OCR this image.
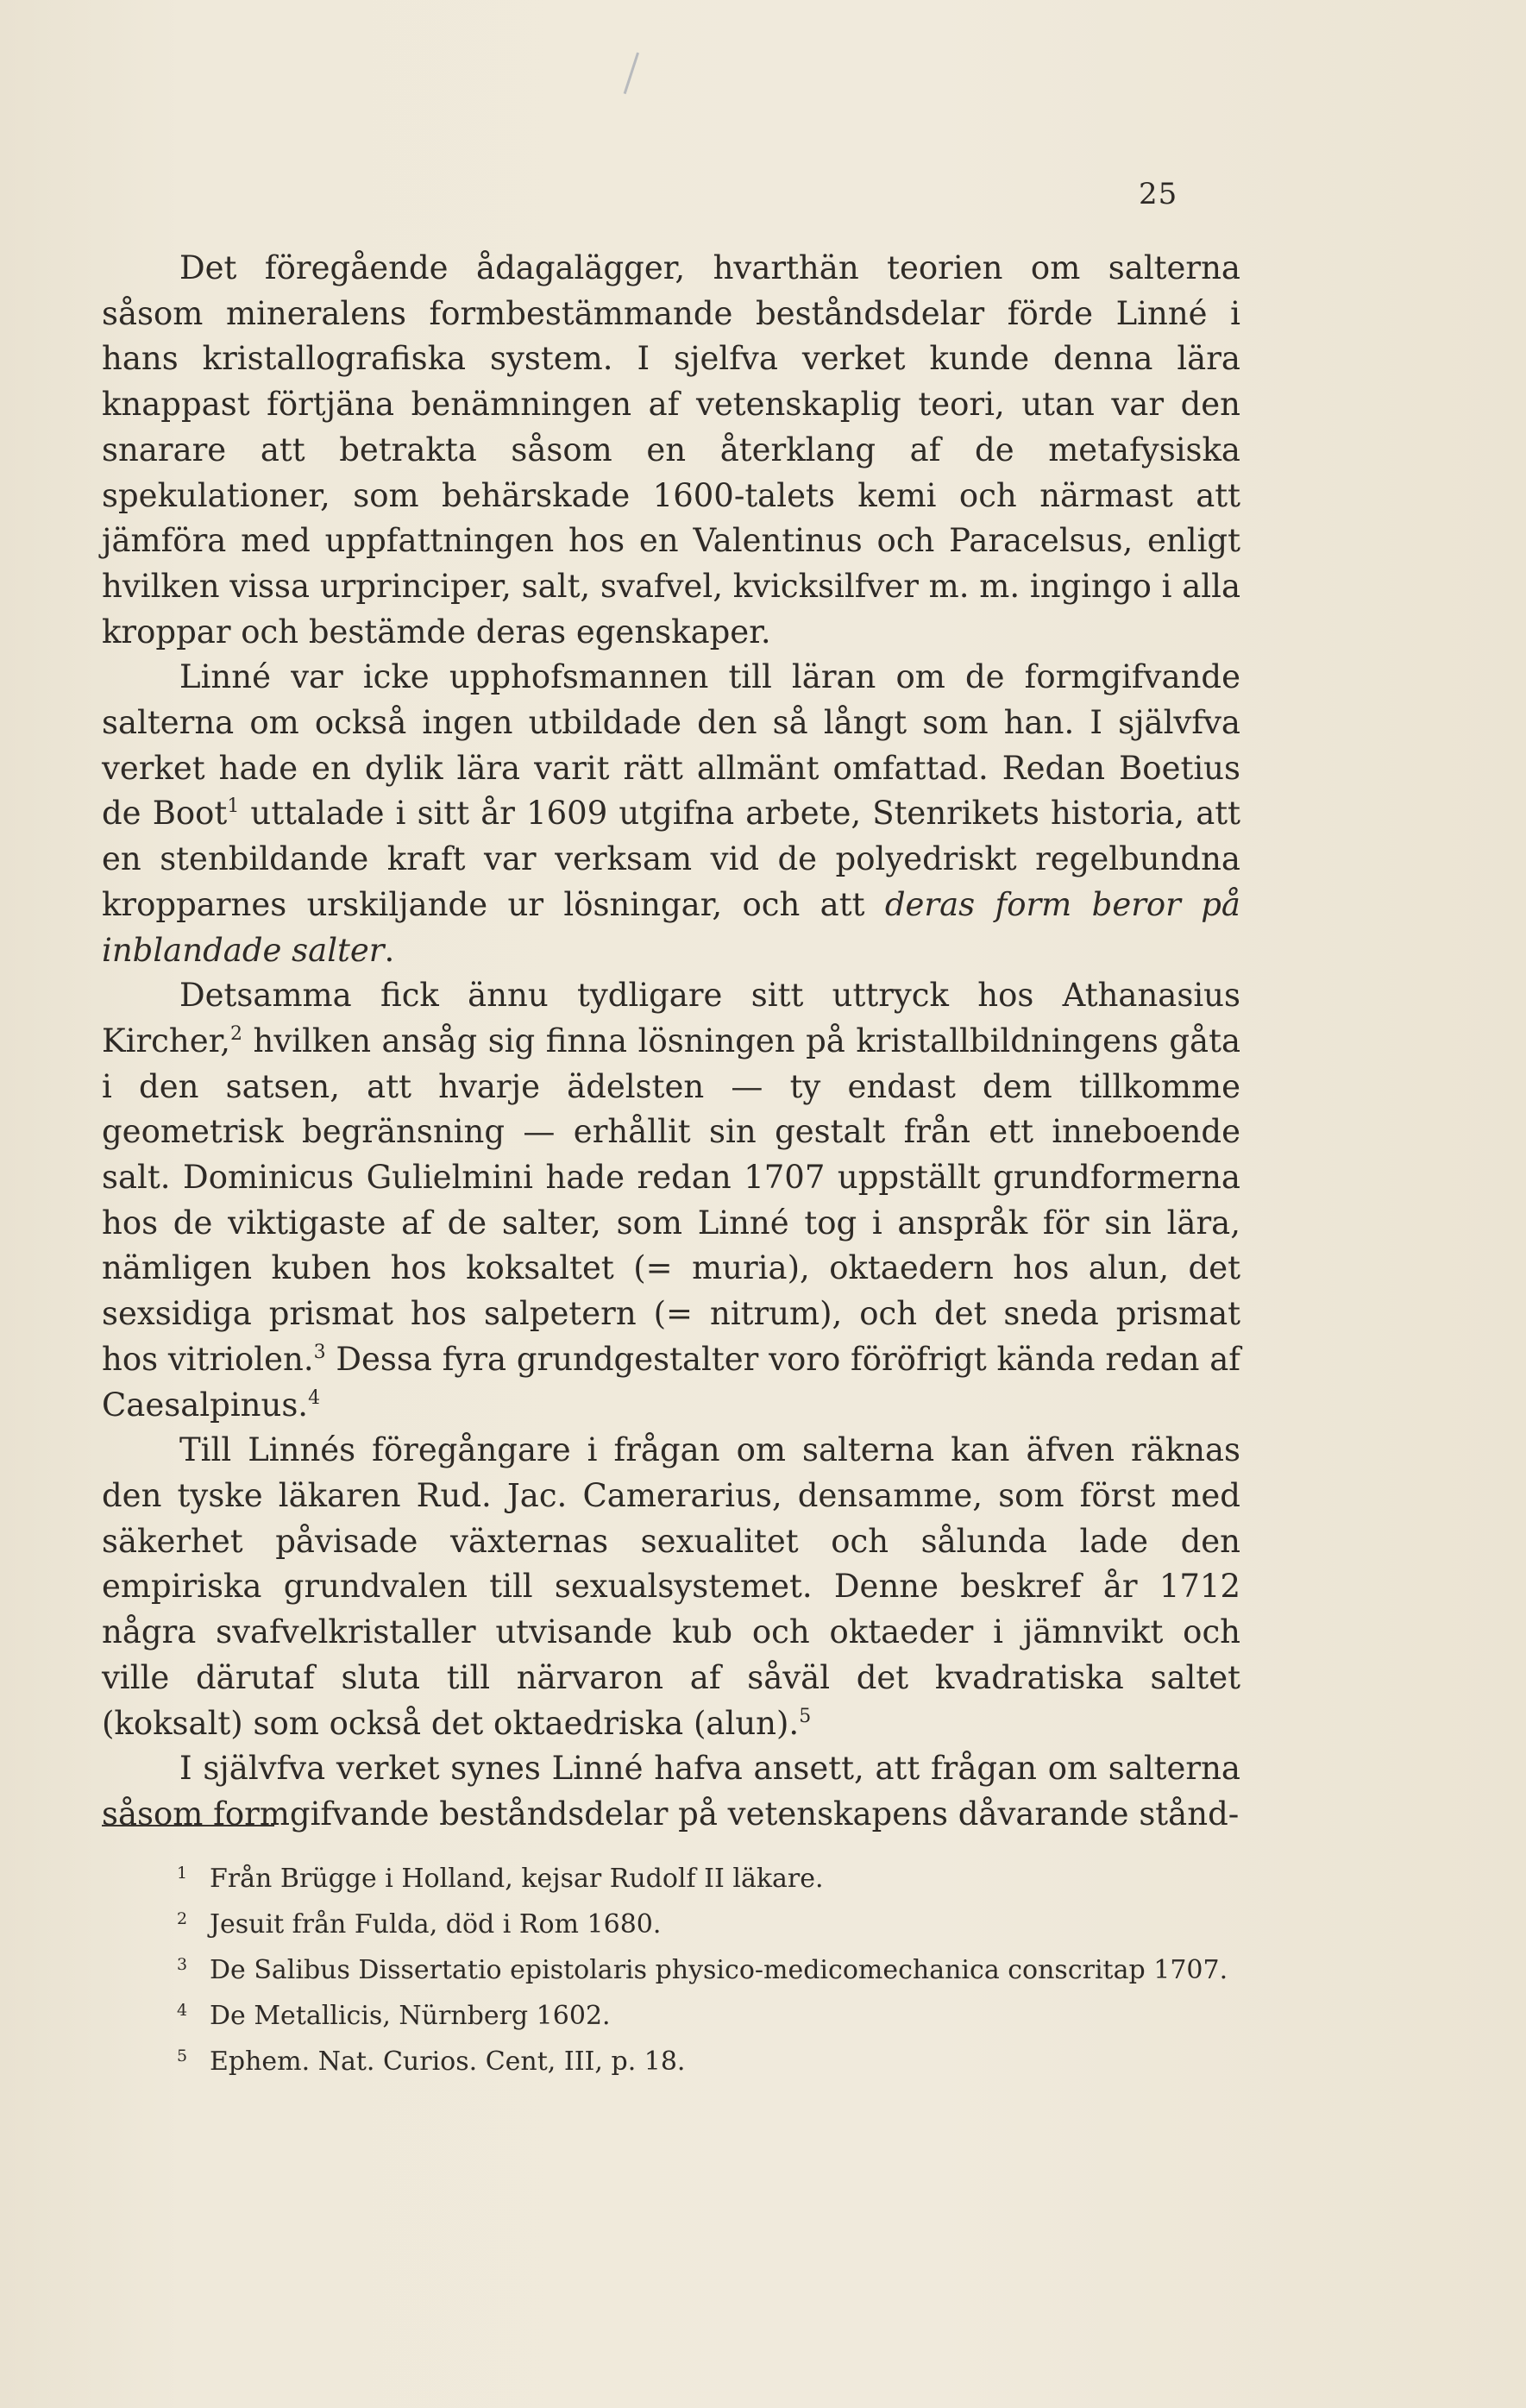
25

Det föregående ådagalägger, hvarthän teorien om salterna såsom mineralens formbestämmande beståndsdelar förde Linné i hans kristallografiska system. I sjelfva verket kunde denna lära knappast förtjäna benämningen af vetenskaplig teori, utan var den snarare att betrakta såsom en återklang af de metafysiska spekulationer, som behärskade 1600-talets kemi och närmast att jämföra med uppfattningen hos en Valentinus och Paracelsus, enligt hvilken vissa urprinciper, salt, svafvel, kvicksilfver m. m. ingingo i alla kroppar och bestämde deras egenskaper.

Linné var icke upphofsmannen till läran om de formgifvande salterna om också ingen utbildade den så långt som han. I självfva verket hade en dylik lära varit rätt allmänt omfattad. Redan Boetius de Boot$^1$ uttalade i sitt år 1609 utgifna arbete, Stenrikets historia, att en stenbildande kraft var verksam vid de polyedriskt regelbundna kropparnes urskiljande ur lösningar, och att deras form beror på inblandade salter.

Detsamma fick ännu tydligare sitt uttryck hos Athanasius Kircher,$^2$ hvilken ansåg sig finna lösningen på kristallbildningens gåta i den satsen, att hvarje ädelsten — ty endast dem tillkomme geometrisk begränsning — erhållit sin gestalt från ett inneboende salt. Dominicus Gulielmini hade redan 1707 uppställt grundformerna hos de viktigaste af de salter, som Linné tog i anspråk för sin lära, nämligen kuben hos koksaltet (= muria), oktaedern hos alun, det sexsidiga prismat hos salpetern (= nitrum), och det sneda prismat hos vitriolen.$^3$ Dessa fyra grundgestalter voro föröfrigt kända redan af Caesalpinus.$^4$

Till Linnés föregångare i frågan om salterna kan äfven räknas den tyske läkaren Rud. Jac. Camerarius, densamme, som först med säkerhet påvisade växternas sexualitet och sålunda lade den empiriska grundvalen till sexualsystemet. Denne beskref år 1712 några svafvelkristaller utvisande kub och oktaeder i jämnvikt och ville därutaf sluta till närvaron af såväl det kvadratiska saltet (koksalt) som också det oktaedriska (alun).$^5$

I självfva verket synes Linné hafva ansett, att frågan om salterna såsom formgifvande beståndsdelar på vetenskapens dåvarande stånd-

1 Från Brügge i Holland, kejsar Rudolf II läkare.
2 Jesuit från Fulda, död i Rom 1680.
3 De Salibus Dissertatio epistolaris physico-medicomechanica conscritap 1707.
4 De Metallicis, Nürnberg 1602.
5 Ephem. Nat. Curios. Cent, III, p. 18.
